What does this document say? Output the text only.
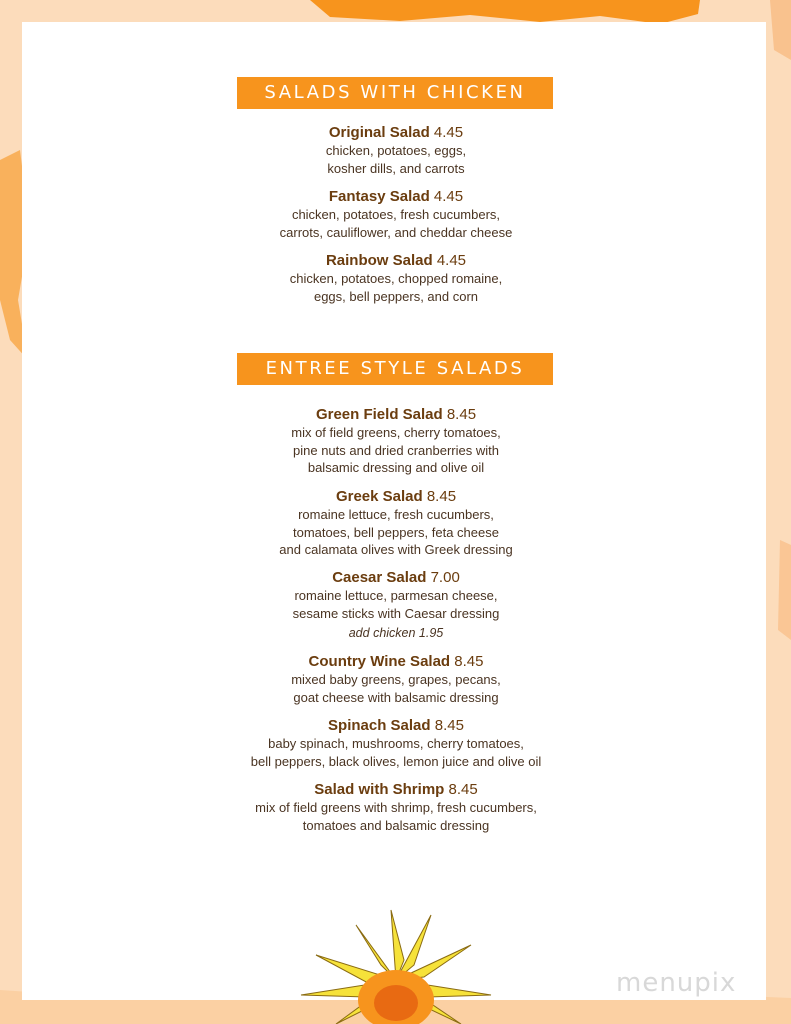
SALADS WITH CHICKEN
Original Salad 4.45
chicken, potatoes, eggs,
kosher dills, and carrots
Fantasy Salad 4.45
chicken, potatoes, fresh cucumbers,
carrots, cauliflower, and cheddar cheese
Rainbow Salad 4.45
chicken, potatoes, chopped romaine,
eggs, bell peppers, and corn
ENTREE STYLE SALADS
Green Field Salad 8.45
mix of field greens, cherry tomatoes,
pine nuts and dried cranberries with
balsamic dressing and olive oil
Greek Salad 8.45
romaine lettuce, fresh cucumbers,
tomatoes, bell peppers, feta cheese
and calamata olives with Greek dressing
Caesar Salad 7.00
romaine lettuce, parmesan cheese,
sesame sticks with Caesar dressing
add chicken 1.95
Country Wine Salad 8.45
mixed baby greens, grapes, pecans,
goat cheese with balsamic dressing
Spinach Salad 8.45
baby spinach, mushrooms, cherry tomatoes,
bell peppers, black olives, lemon juice and olive oil
Salad with Shrimp 8.45
mix of field greens with shrimp, fresh cucumbers,
tomatoes and balsamic dressing
menupix
